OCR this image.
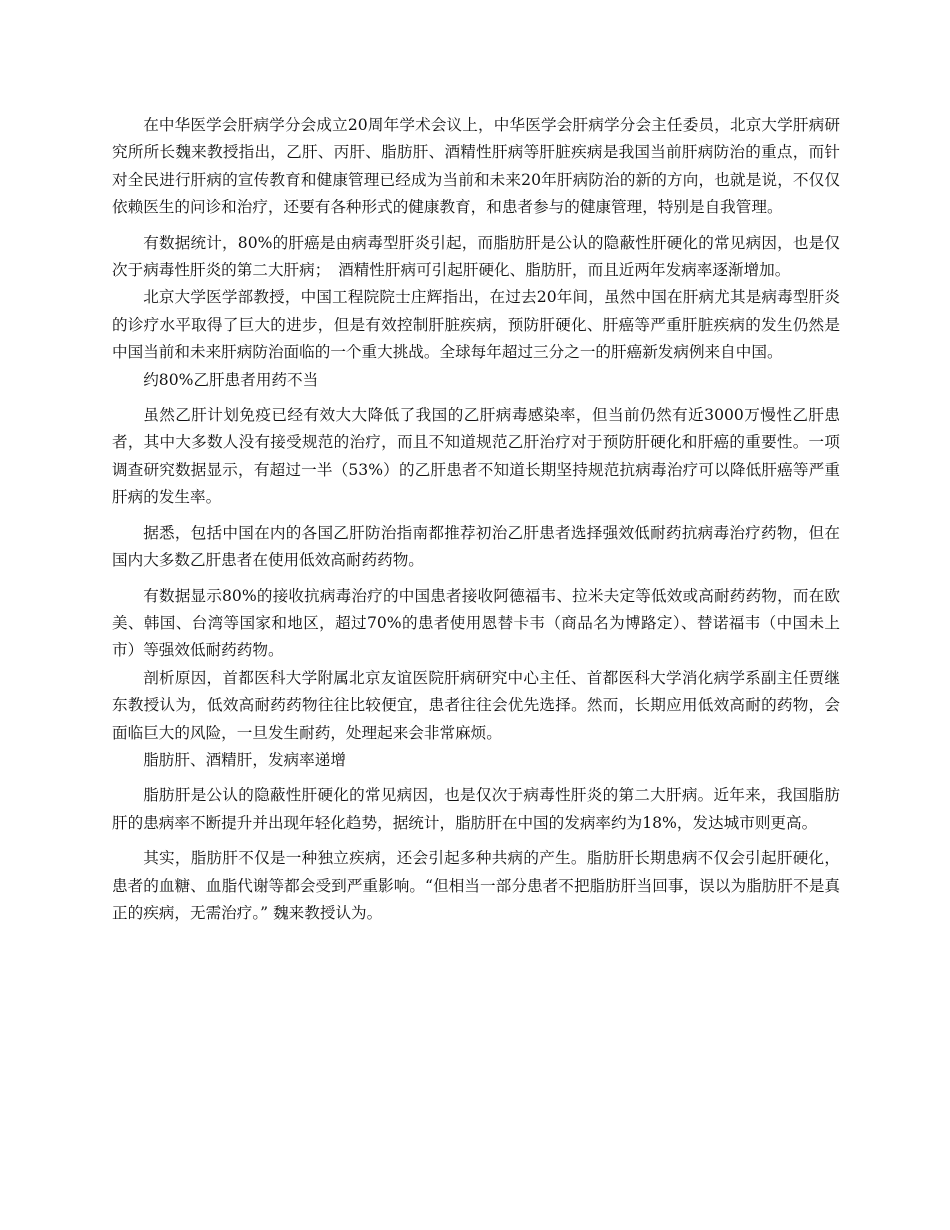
在中华医学会肝病学分会成立20周年学术会议上，中华医学会肝病学分会主任委员，北京大学肝病研究所所长魏来教授指出，乙肝、丙肝、脂肪肝、酒精性肝病等肝脏疾病是我国当前肝病防治的重点，而针对全民进行肝病的宣传教育和健康管理已经成为当前和未来20年肝病防治的新的方向，也就是说，不仅仅依赖医生的问诊和治疗，还要有各种形式的健康教育，和患者参与的健康管理，特别是自我管理。

有数据统计，80%的肝癌是由病毒型肝炎引起，而脂肪肝是公认的隐蔽性肝硬化的常见病因，也是仅次于病毒性肝炎的第二大肝病；　酒精性肝病可引起肝硬化、脂肪肝，而且近两年发病率逐渐增加。

北京大学医学部教授，中国工程院院士庄辉指出，在过去20年间，虽然中国在肝病尤其是病毒型肝炎的诊疗水平取得了巨大的进步，但是有效控制肝脏疾病，预防肝硬化、肝癌等严重肝脏疾病的发生仍然是中国当前和未来肝病防治面临的一个重大挑战。全球每年超过三分之一的肝癌新发病例来自中国。

约80%乙肝患者用药不当

虽然乙肝计划免疫已经有效大大降低了我国的乙肝病毒感染率，但当前仍然有近3000万慢性乙肝患者，其中大多数人没有接受规范的治疗，而且不知道规范乙肝治疗对于预防肝硬化和肝癌的重要性。一项调查研究数据显示，有超过一半（53%）的乙肝患者不知道长期坚持规范抗病毒治疗可以降低肝癌等严重肝病的发生率。

据悉，包括中国在内的各国乙肝防治指南都推荐初治乙肝患者选择强效低耐药抗病毒治疗药物，但在国内大多数乙肝患者在使用低效高耐药药物。

有数据显示80%的接收抗病毒治疗的中国患者接收阿德福韦、拉米夫定等低效或高耐药药物，而在欧美、韩国、台湾等国家和地区，超过70%的患者使用恩替卡韦（商品名为博路定）、替诺福韦（中国未上市）等强效低耐药药物。

剖析原因，首都医科大学附属北京友谊医院肝病研究中心主任、首都医科大学消化病学系副主任贾继东教授认为，低效高耐药药物往往比较便宜，患者往往会优先选择。然而，长期应用低效高耐的药物，会面临巨大的风险，一旦发生耐药，处理起来会非常麻烦。

脂肪肝、酒精肝，发病率递增

脂肪肝是公认的隐蔽性肝硬化的常见病因，也是仅次于病毒性肝炎的第二大肝病。近年来，我国脂肪肝的患病率不断提升并出现年轻化趋势，据统计，脂肪肝在中国的发病率约为18%，发达城市则更高。

其实，脂肪肝不仅是一种独立疾病，还会引起多种共病的产生。脂肪肝长期患病不仅会引起肝硬化，患者的血糖、血脂代谢等都会受到严重影响。“但相当一部分患者不把脂肪肝当回事，误以为脂肪肝不是真正的疾病，无需治疗。” 魏来教授认为。
